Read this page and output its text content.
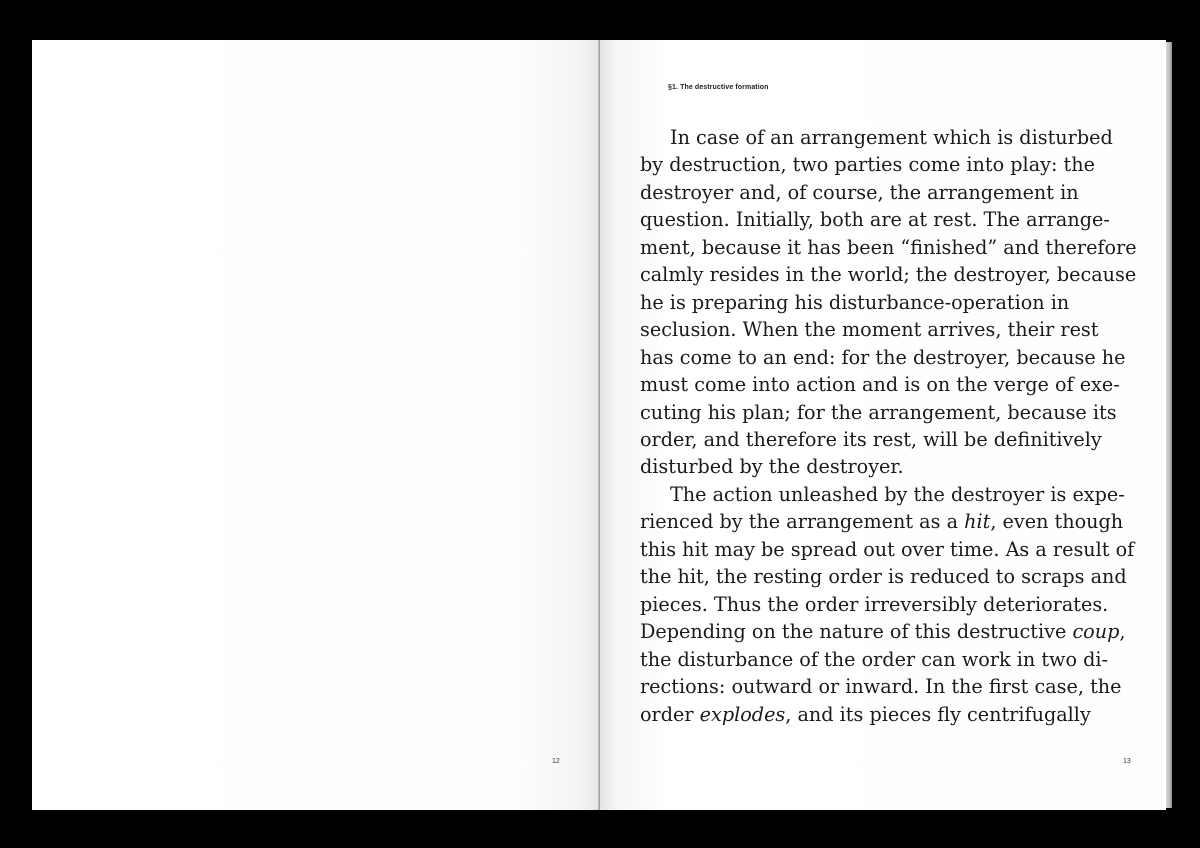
12
§1. The destructive formation
In case of an arrangement which is disturbed
by destruction, two parties come into play: the
destroyer and, of course, the arrangement in
question. Initially, both are at rest. The arrange-
ment, because it has been “finished” and therefore
calmly resides in the world; the destroyer, because
he is preparing his disturbance-operation in
seclusion. When the moment arrives, their rest
has come to an end: for the destroyer, because he
must come into action and is on the verge of exe-
cuting his plan; for the arrangement, because its
order, and therefore its rest, will be definitively
disturbed by the destroyer.
The action unleashed by the destroyer is expe-
rienced by the arrangement as a hit, even though
this hit may be spread out over time. As a result of
the hit, the resting order is reduced to scraps and
pieces. Thus the order irreversibly deteriorates.
Depending on the nature of this destructive coup,
the disturbance of the order can work in two di-
rections: outward or inward. In the first case, the
order explodes, and its pieces fly centrifugally
13
